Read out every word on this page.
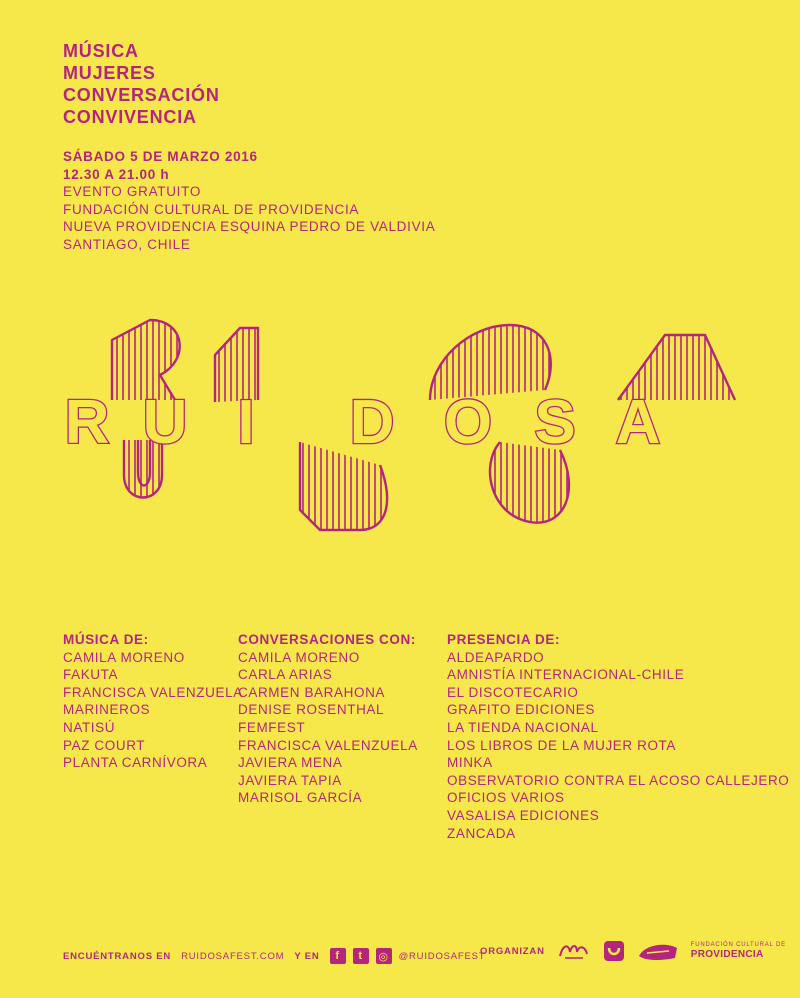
MÚSICA
MUJERES
CONVERSACIÓN
CONVIVENCIA
SÁBADO 5 DE MARZO 2016
12.30 A 21.00 h
EVENTO GRATUITO
FUNDACIÓN CULTURAL DE PROVIDENCIA
NUEVA PROVIDENCIA ESQUINA PEDRO DE VALDIVIA
SANTIAGO, CHILE
R U I D O S A
MÚSICA DE:
CAMILA MORENO
FAKUTA
FRANCISCA VALENZUELA
MARINEROS
NATISÚ
PAZ COURT
PLANTA CARNÍVORA
CONVERSACIONES CON:
CAMILA MORENO
CARLA ARIAS
CARMEN BARAHONA
DENISE ROSENTHAL
FEMFEST
FRANCISCA VALENZUELA
JAVIERA MENA
JAVIERA TAPIA
MARISOL GARCÍA
PRESENCIA DE:
ALDEAPARDO
AMNISTÍA INTERNACIONAL-CHILE
EL DISCOTECARIO
GRAFITO EDICIONES
LA TIENDA NACIONAL
LOS LIBROS DE LA MUJER ROTA
MINKA
OBSERVATORIO CONTRA EL ACOSO CALLEJERO
OFICIOS VARIOS
VASALISA EDICIONES
ZANCADA
ENCUÉNTRANOS EN RUIDOSAFEST.COM Y EN	f	t	◎ @RUIDOSAFEST
ORGANIZAN
FUNDACIÓN CULTURAL DE
PROVIDENCIA
